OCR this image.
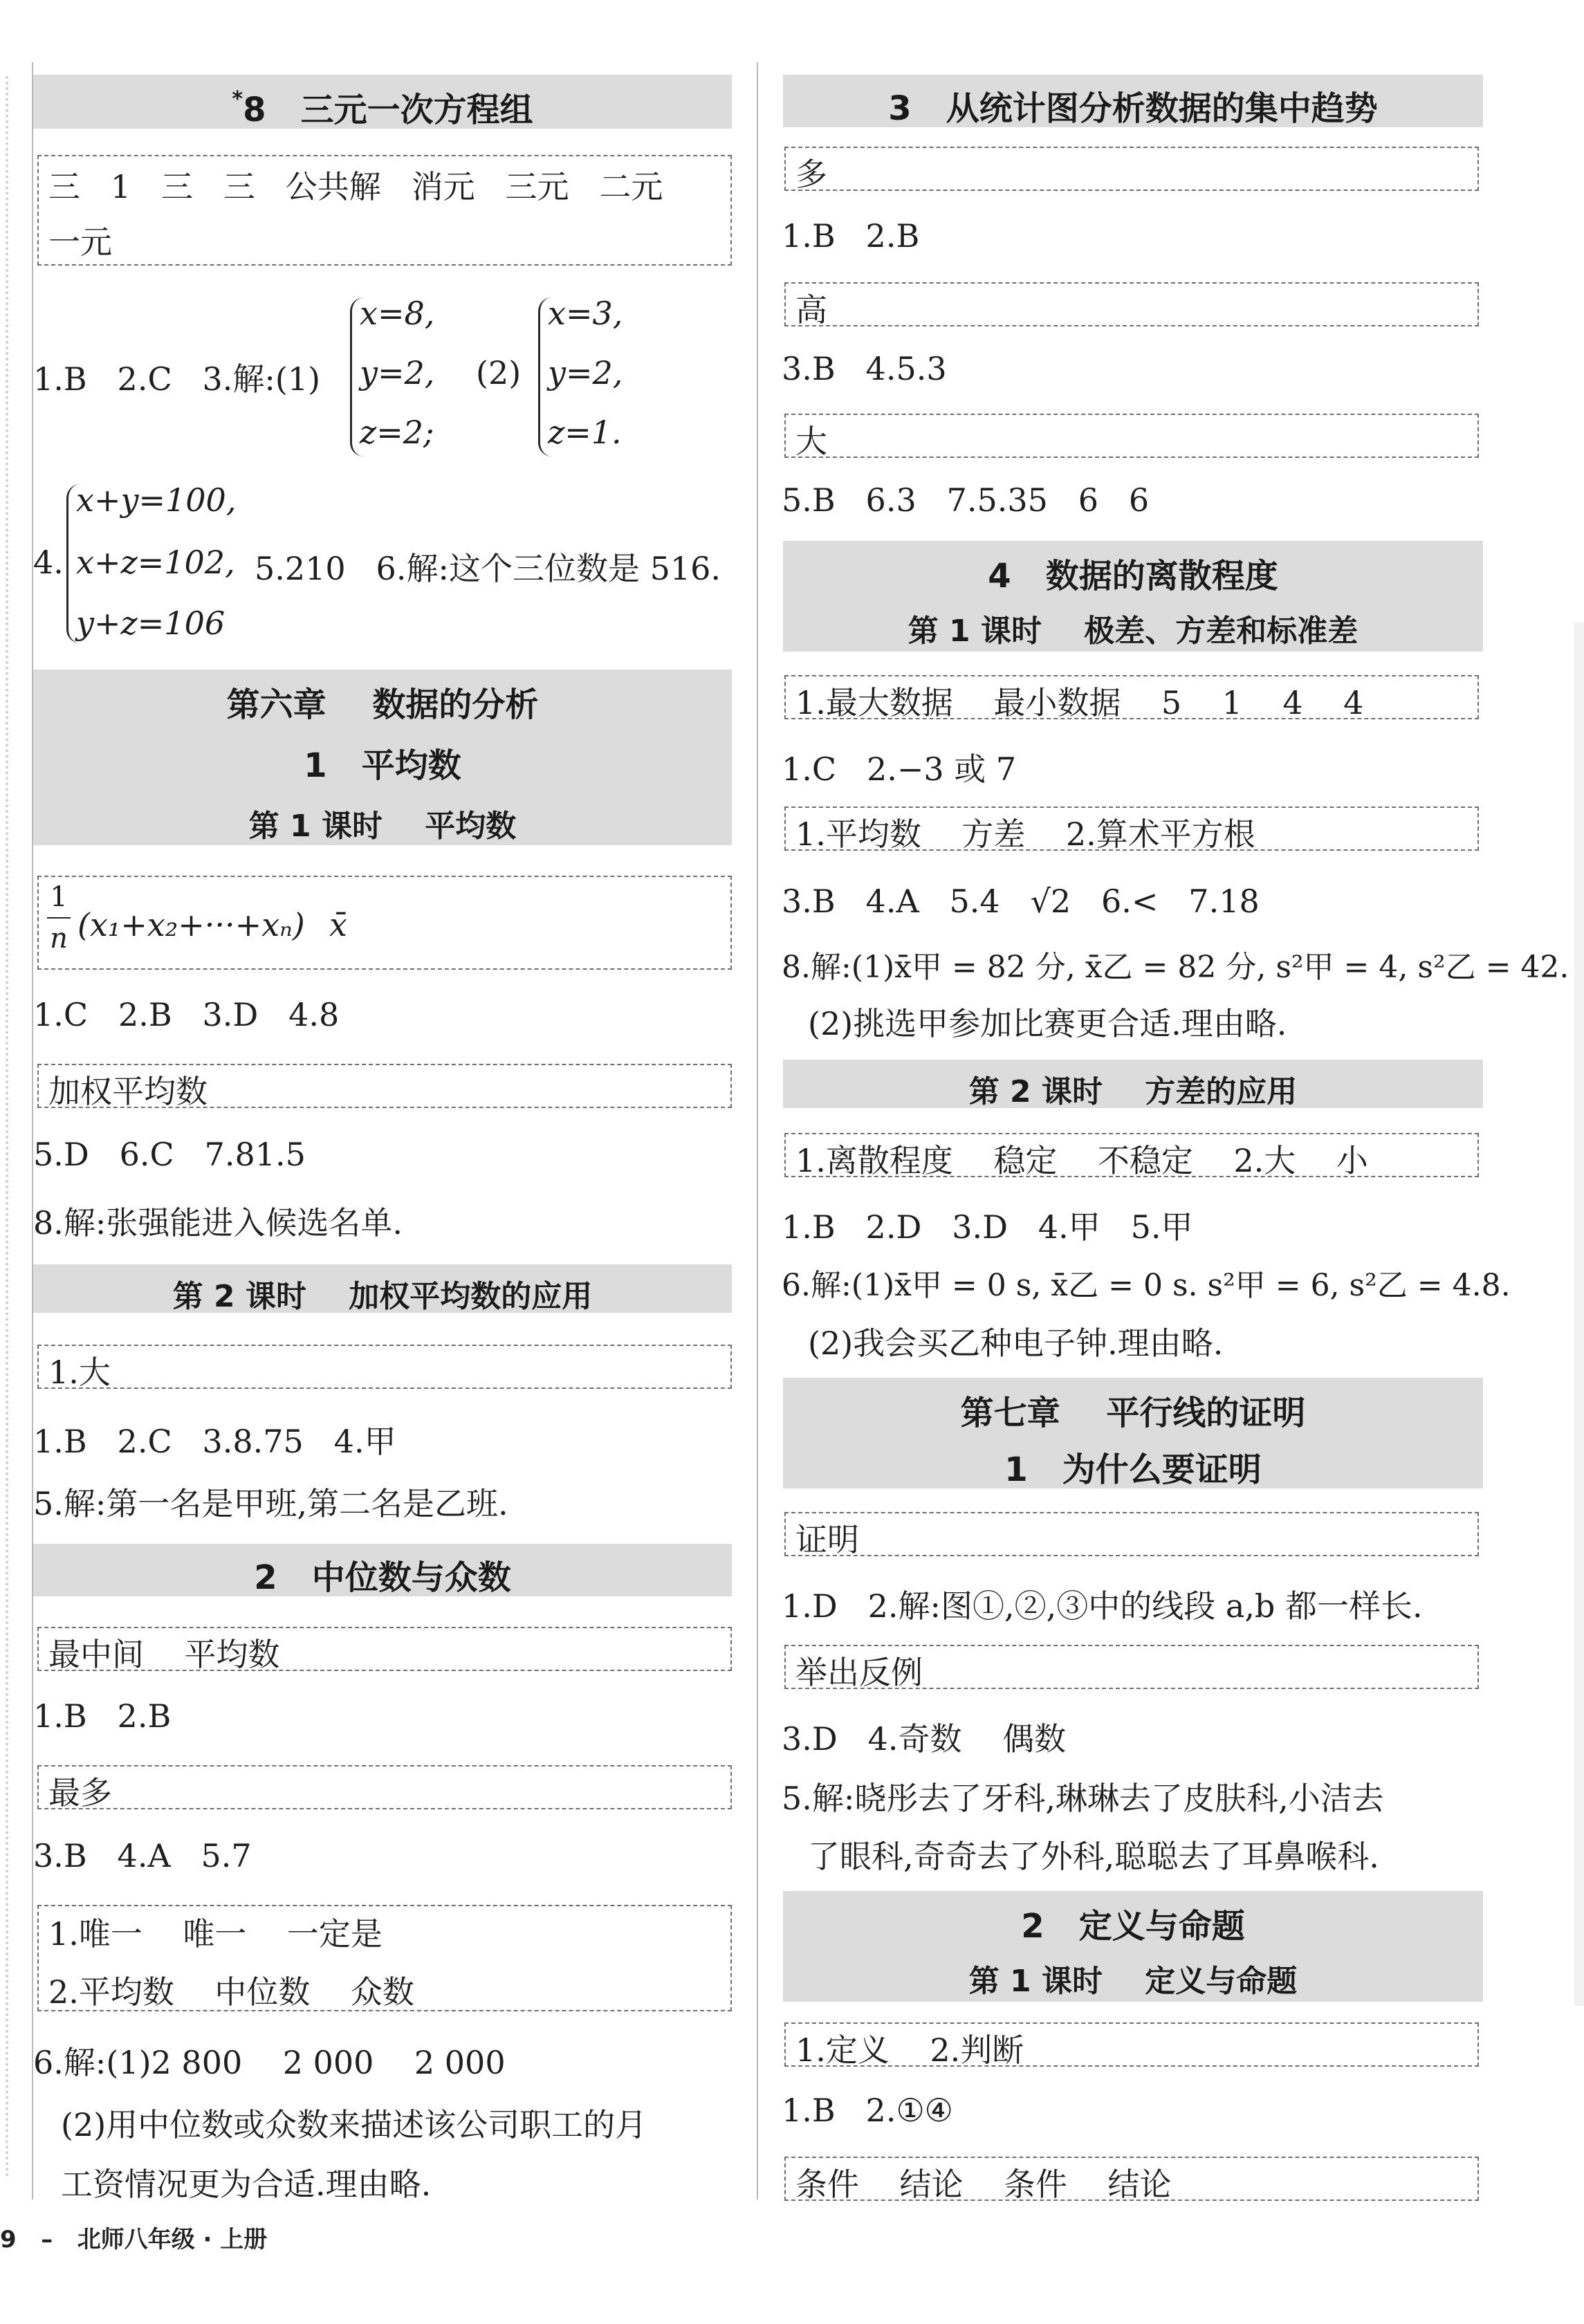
*8 三元一次方程组
三   1   三   三   公共解   消元   三元   二元
一元
1.B   2.C   3.解:(1)
x=8,
y=2,
z=2;
(2)
x=3,
y=2,
z=1.
4.
x+y=100,
x+z=102,
y+z=106
5.210   6.解:这个三位数是 516.
第六章    数据的分析
1   平均数
第 1 课时    平均数
1
n (x₁+x₂+···+xₙ) x̄
1.C   2.B   3.D   4.8
加权平均数
5.D   6.C   7.81.5
8.解:张强能进入候选名单.
第 2 课时    加权平均数的应用
1.大
1.B   2.C   3.8.75   4.甲
5.解:第一名是甲班,第二名是乙班.
2   中位数与众数
最中间    平均数
1.B   2.B
最多
3.B   4.A   5.7
1.唯一    唯一    一定是
2.平均数    中位数    众数
6.解:(1)2 800    2 000    2 000
(2)用中位数或众数来描述该公司职工的月
工资情况更为合适.理由略.
3   从统计图分析数据的集中趋势
多
1.B   2.B
高
3.B   4.5.3
大
5.B   6.3   7.5.35   6   6
4   数据的离散程度
第 1 课时    极差、方差和标准差
1.最大数据    最小数据    5    1    4    4
1.C   2.−3 或 7
1.平均数    方差    2.算术平方根
3.B   4.A   5.4   √2   6.<   7.18
8.解:(1)x̄甲 = 82 分, x̄乙 = 82 分, s²甲 = 4, s²乙 = 42.
(2)挑选甲参加比赛更合适.理由略.
第 2 课时    方差的应用
1.离散程度    稳定    不稳定    2.大    小
1.B   2.D   3.D   4.甲   5.甲
6.解:(1)x̄甲 = 0 s, x̄乙 = 0 s. s²甲 = 6, s²乙 = 4.8.
(2)我会买乙种电子钟.理由略.
第七章    平行线的证明
1   为什么要证明
证明
1.D   2.解:图①,②,③中的线段 a,b 都一样长.
举出反例
3.D   4.奇数    偶数
5.解:晓彤去了牙科,琳琳去了皮肤科,小洁去
了眼科,奇奇去了外科,聪聪去了耳鼻喉科.
2   定义与命题
第 1 课时    定义与命题
1.定义    2.判断
1.B   2.①④
条件    结论    条件    结论
9 – 北师八年级 · 上册
